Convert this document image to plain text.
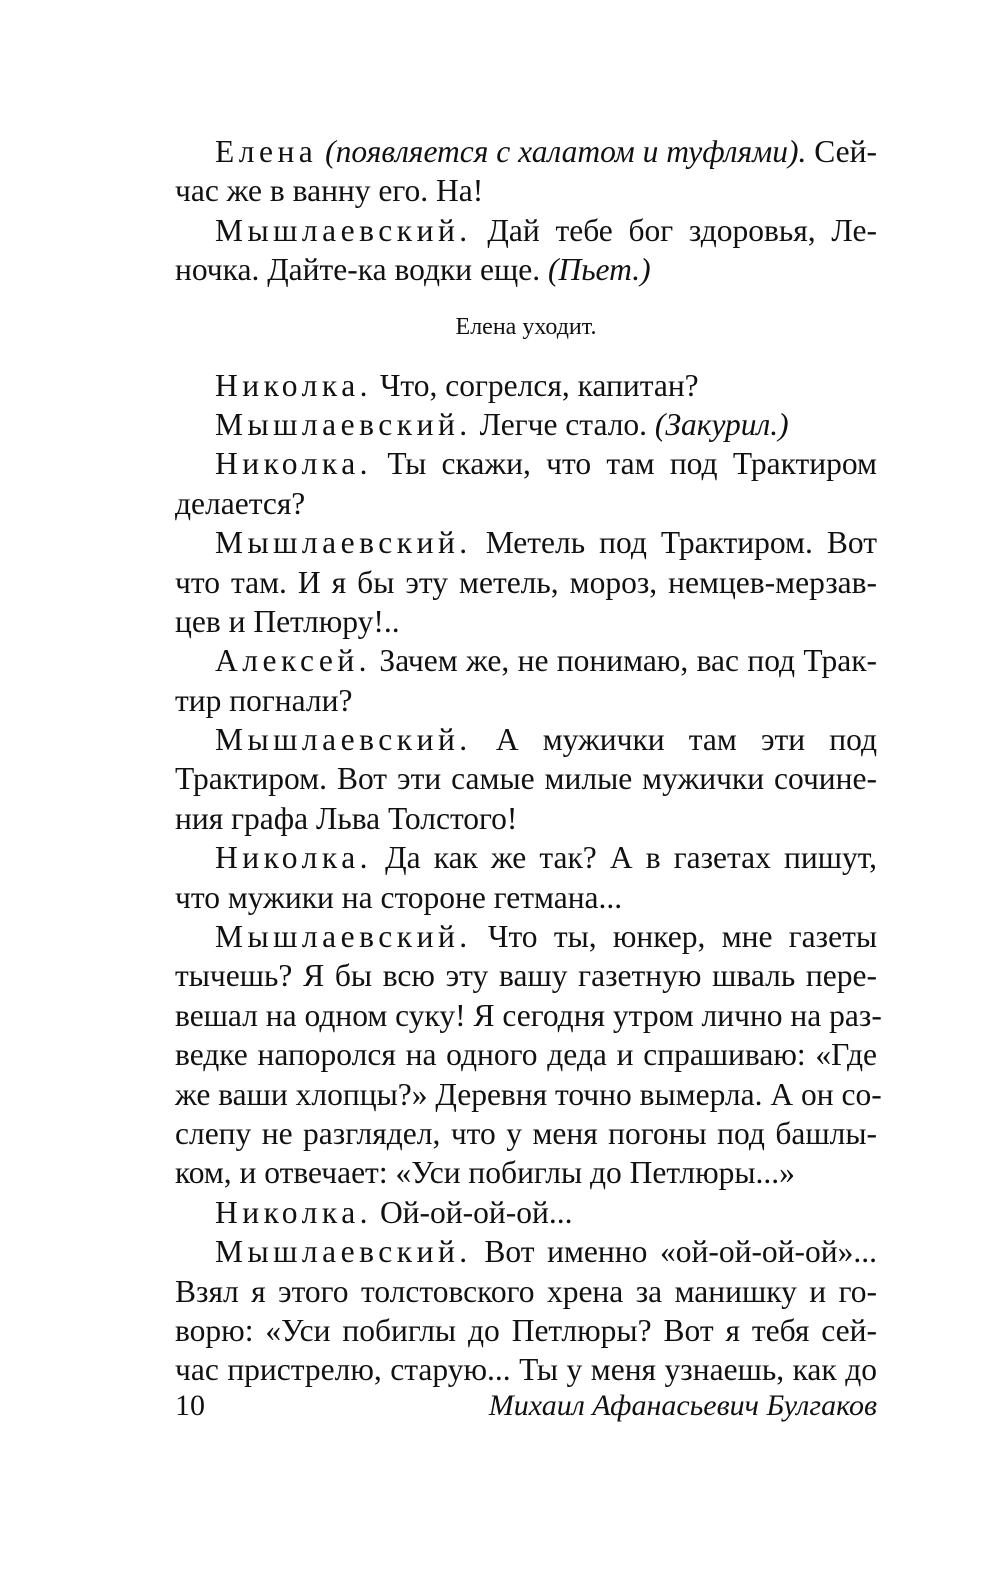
Елена (появляется с халатом и туфлями). Сей-
час же в ванну его. На!
Мышлаевский. Дай тебе бог здоровья, Ле-
ночка. Дайте-ка водки еще. (Пьет.)
Елена уходит.
Николка. Что, согрелся, капитан?
Мышлаевский. Легче стало. (Закурил.)
Николка. Ты скажи, что там под Трактиром
делается?
Мышлаевский. Метель под Трактиром. Вот
что там. И я бы эту метель, мороз, немцев-мерзав-
цев и Петлюру!..
Алексей. Зачем же, не понимаю, вас под Трак-
тир погнали?
Мышлаевский. А мужички там эти под
Трактиром. Вот эти самые милые мужички сочине-
ния графа Льва Толстого!
Николка. Да как же так? А в газетах пишут,
что мужики на стороне гетмана...
Мышлаевский. Что ты, юнкер, мне газеты
тычешь? Я бы всю эту вашу газетную шваль пере-
вешал на одном суку! Я сегодня утром лично на раз-
ведке напоролся на одного деда и спрашиваю: «Где
же ваши хлопцы?» Деревня точно вымерла. А он со-
слепу не разглядел, что у меня погоны под башлы-
ком, и отвечает: «Уси побиглы до Петлюры...»
Николка. Ой-ой-ой-ой...
Мышлаевский. Вот именно «ой-ой-ой-ой»...
Взял я этого толстовского хрена за манишку и го-
ворю: «Уси побиглы до Петлюры? Вот я тебя сей-
час пристрелю, старую... Ты у меня узнаешь, как до
10	Михаил Афанасьевич Булгаков
